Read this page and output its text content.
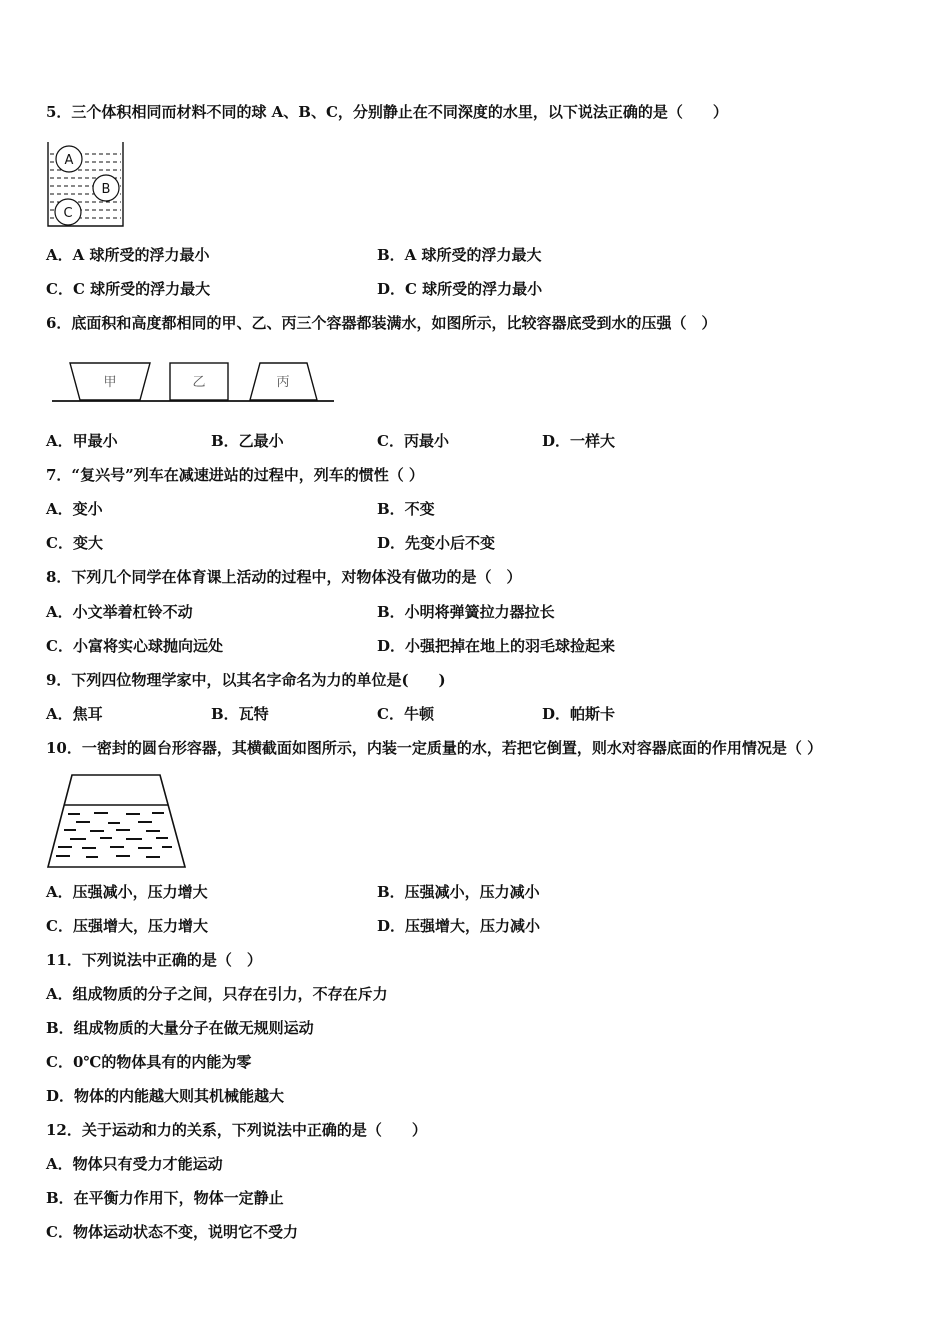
5．三个体积相同而材料不同的球 A、B、C，分别静止在不同深度的水里，以下说法正确的是（　　）
A
B
C
A．A 球所受的浮力最小	B．A 球所受的浮力最大
C．C 球所受的浮力最大	D．C 球所受的浮力最小
6．底面积和高度都相同的甲、乙、丙三个容器都装满水，如图所示，比较容器底受到水的压强（　）
甲	乙	丙
A．甲最小	B．乙最小	C．丙最小	D．一样大
7．“复兴号”列车在减速进站的过程中，列车的惯性（ ）
A．变小	B．不变
C．变大	D．先变小后不变
8．下列几个同学在体育课上活动的过程中，对物体没有做功的是（　）
A．小文举着杠铃不动	B．小明将弹簧拉力器拉长
C．小富将实心球抛向远处	D．小强把掉在地上的羽毛球捡起来
9．下列四位物理学家中，以其名字命名为力的单位是(　　)
A．焦耳	B．瓦特	C．牛顿	D．帕斯卡
10．一密封的圆台形容器，其横截面如图所示，内装一定质量的水，若把它倒置，则水对容器底面的作用情况是（ ）
A．压强减小，压力增大	B．压强减小，压力减小
C．压强增大，压力增大	D．压强增大，压力减小
11．下列说法中正确的是（　）
A．组成物质的分子之间，只存在引力，不存在斥力
B．组成物质的大量分子在做无规则运动
C．0℃的物体具有的内能为零
D．物体的内能越大则其机械能越大
12．关于运动和力的关系，下列说法中正确的是（　　）
A．物体只有受力才能运动
B．在平衡力作用下，物体一定静止
C．物体运动状态不变，说明它不受力
